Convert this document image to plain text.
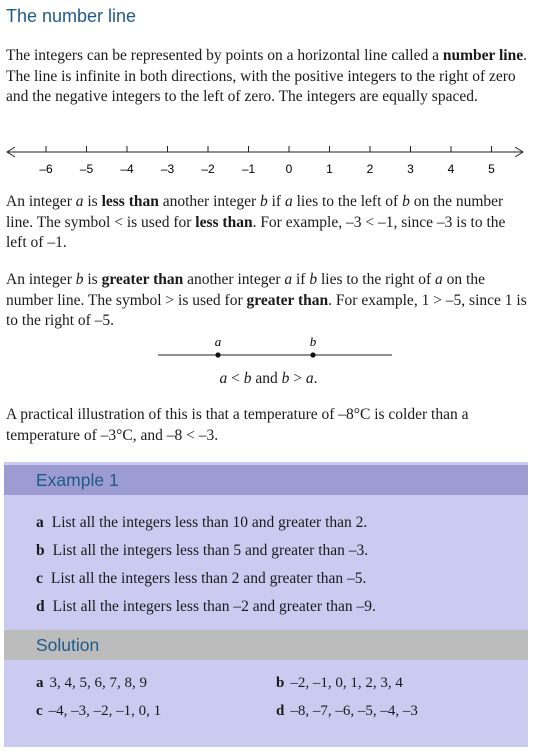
The number line

The integers can be represented by points on a horizontal line called a number line. The line is infinite in both directions, with the positive integers to the right of zero and the negative integers to the left of zero. The integers are equally spaced.

–6 –5 –4 –3 –2 –1	0	1	2	3	4	5

An integer a is less than another integer b if a lies to the left of b on the number line. The symbol < is used for less than. For example, –3 < –1, since –3 is to the left of –1.

An integer b is greater than another integer a if b lies to the right of a on the number line. The symbol > is used for greater than. For example, 1 > –5, since 1 is to the right of –5.

a	b
a < b and b > a.

A practical illustration of this is that a temperature of –8°C is colder than a temperature of –3°C, and –8 < –3.

Example 1
a List all the integers less than 10 and greater than 2.
b List all the integers less than 5 and greater than –3.
c List all the integers less than 2 and greater than –5.
d List all the integers less than –2 and greater than –9.
Solution
a 3, 4, 5, 6, 7, 8, 9	b –2, –1, 0, 1, 2, 3, 4
c –4, –3, –2, –1, 0, 1	d –8, –7, –6, –5, –4, –3
